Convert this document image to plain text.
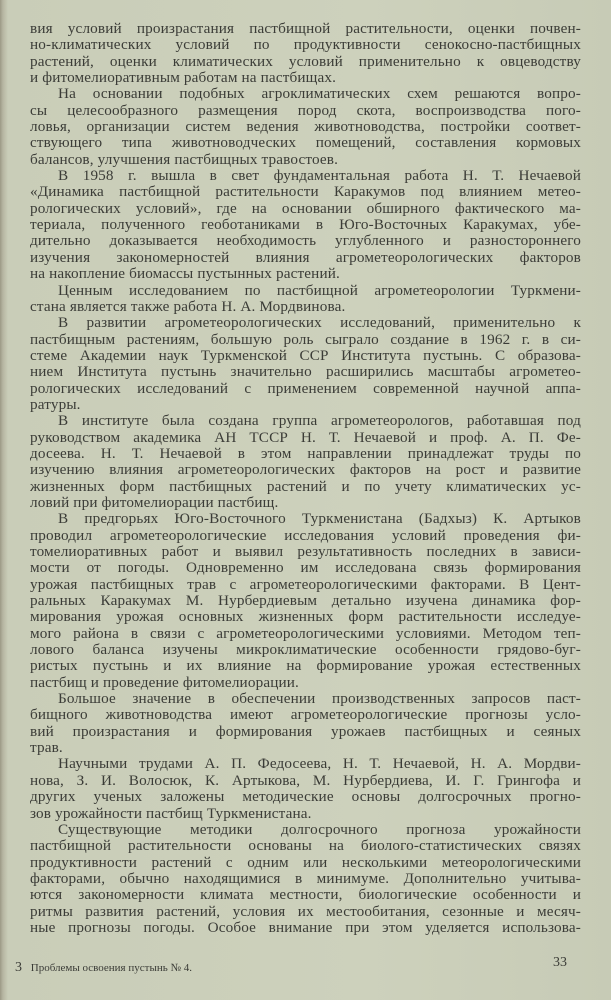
вия условий произрастания пастбищной растительности, оценки почвен-
но-климатических условий по продуктивности сенокосно-пастбищных
растений, оценки климатических условий применительно к овцеводству
и фитомелиоративным работам на пастбищах.
На основании подобных агроклиматических схем решаются вопро-
сы целесообразного размещения пород скота, воспроизводства пого-
ловья, организации систем ведения животноводства, постройки соответ-
ствующего типа животноводческих помещений, составления кормовых
балансов, улучшения пастбищных травостоев.
В 1958 г. вышла в свет фундаментальная работа Н. Т. Нечаевой
«Динамика пастбищной растительности Каракумов под влиянием метео-
рологических условий», где на основании обширного фактического ма-
териала, полученного геоботаниками в Юго-Восточных Каракумах, убе-
дительно доказывается необходимость углубленного и разностороннего
изучения закономерностей влияния агрометеорологических факторов
на накопление биомассы пустынных растений.
Ценным исследованием по пастбищной агрометеорологии Туркмени-
стана является также работа Н. А. Мордвинова.
В развитии агрометеорологических исследований, применительно к
пастбищным растениям, большую роль сыграло создание в 1962 г. в си-
стеме Академии наук Туркменской ССР Института пустынь. С образова-
нием Института пустынь значительно расширились масштабы агрометео-
рологических исследований с применением современной научной аппа-
ратуры.
В институте была создана группа агрометеорологов, работавшая под
руководством академика АН ТССР Н. Т. Нечаевой и проф. А. П. Фе-
досеева. Н. Т. Нечаевой в этом направлении принадлежат труды по
изучению влияния агрометеорологических факторов на рост и развитие
жизненных форм пастбищных растений и по учету климатических ус-
ловий при фитомелиорации пастбищ.
В предгорьях Юго-Восточного Туркменистана (Бадхыз) К. Артыков
проводил агрометеорологические исследования условий проведения фи-
томелиоративных работ и выявил результативность последних в зависи-
мости от погоды. Одновременно им исследована связь формирования
урожая пастбищных трав с агрометеорологическими факторами. В Цент-
ральных Каракумах М. Нурбердиевым детально изучена динамика фор-
мирования урожая основных жизненных форм растительности исследуе-
мого района в связи с агрометеорологическими условиями. Методом теп-
лового баланса изучены микроклиматические особенности грядово-буг-
ристых пустынь и их влияние на формирование урожая естественных
пастбищ и проведение фитомелиорации.
Большое значение в обеспечении производственных запросов паст-
бищного животноводства имеют агрометеорологические прогнозы усло-
вий произрастания и формирования урожаев пастбищных и сеяных
трав.
Научными трудами А. П. Федосеева, Н. Т. Нечаевой, Н. А. Мордви-
нова, З. И. Волосюк, К. Артыкова, М. Нурбердиева, И. Г. Грингофа и
других ученых заложены методические основы долгосрочных прогно-
зов урожайности пастбищ Туркменистана.
Существующие методики долгосрочного прогноза урожайности
пастбищной растительности основаны на биолого-статистических связях
продуктивности растений с одним или несколькими метеорологическими
факторами, обычно находящимися в минимуме. Дополнительно учитыва-
ются закономерности климата местности, биологические особенности и
ритмы развития растений, условия их местообитания, сезонные и месяч-
ные прогнозы погоды. Особое внимание при этом уделяется использова-
3 Проблемы освоения пустынь № 4.	33
